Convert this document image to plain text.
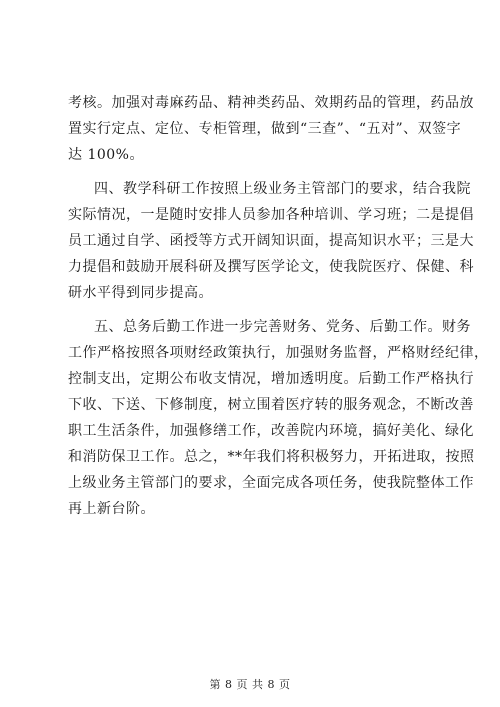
考核。加强对毒麻药品、精神类药品、效期药品的管理，药品放
置实行定点、定位、专柜管理，做到“三查”、“五对”、双签字
达 100%。
四、教学科研工作按照上级业务主管部门的要求，结合我院
实际情况，一是随时安排人员参加各种培训、学习班；二是提倡
员工通过自学、函授等方式开阔知识面，提高知识水平；三是大
力提倡和鼓励开展科研及撰写医学论文，使我院医疗、保健、科
研水平得到同步提高。
五、总务后勤工作进一步完善财务、党务、后勤工作。财务
工作严格按照各项财经政策执行，加强财务监督，严格财经纪律，
控制支出，定期公布收支情况，增加透明度。后勤工作严格执行
下收、下送、下修制度，树立围着医疗转的服务观念，不断改善
职工生活条件，加强修缮工作，改善院内环境，搞好美化、绿化
和消防保卫工作。总之，**年我们将积极努力，开拓进取，按照
上级业务主管部门的要求，全面完成各项任务，使我院整体工作
再上新台阶。
第 8 页 共 8 页
